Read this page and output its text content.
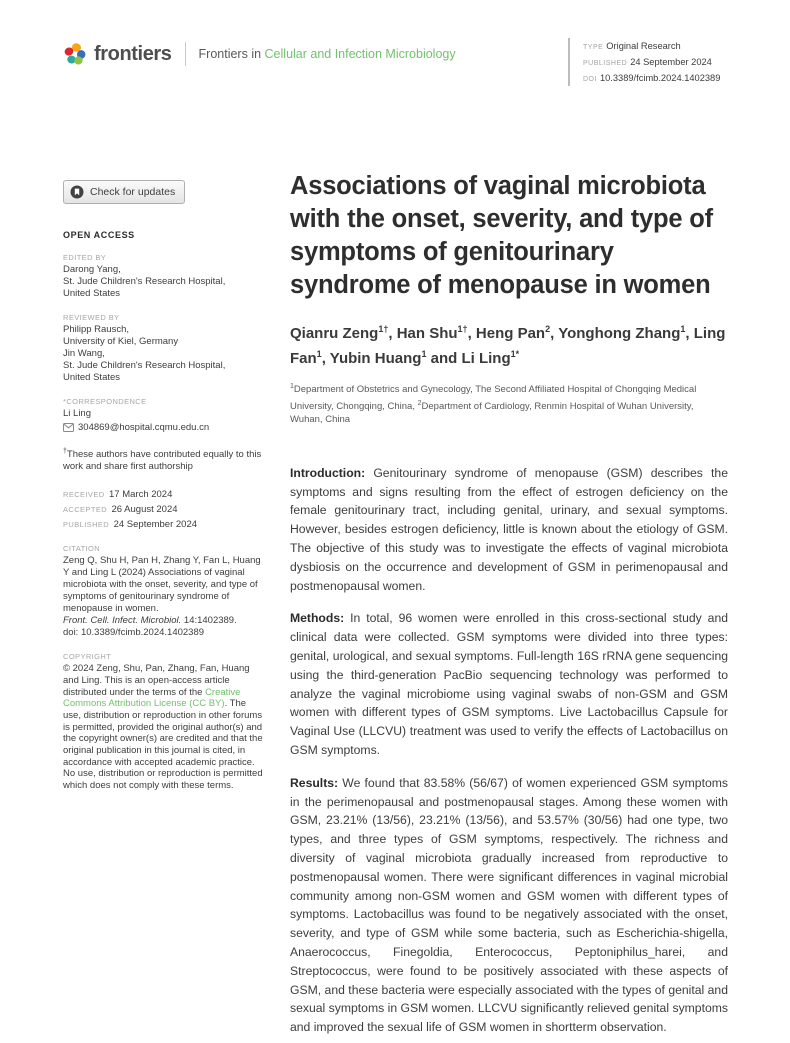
frontiers Frontiers in Cellular and Infection Microbiology	TYPE Original Research
PUBLISHED 24 September 2024
DOI 10.3389/fcimb.2024.1402389
Check for updates
OPEN ACCESS
EDITED BY
Darong Yang,
St. Jude Children's Research Hospital,
United States
REVIEWED BY
Philipp Rausch,
University of Kiel, Germany
Jin Wang,
St. Jude Children's Research Hospital,
United States
*CORRESPONDENCE
Li Ling
304869@hospital.cqmu.edu.cn
†These authors have contributed equally to this work and share first authorship
RECEIVED 17 March 2024
ACCEPTED 26 August 2024
PUBLISHED 24 September 2024
CITATION
Zeng Q, Shu H, Pan H, Zhang Y, Fan L, Huang Y and Ling L (2024) Associations of vaginal microbiota with the onset, severity, and type of symptoms of genitourinary syndrome of menopause in women.
Front. Cell. Infect. Microbiol. 14:1402389.
doi: 10.3389/fcimb.2024.1402389
COPYRIGHT
© 2024 Zeng, Shu, Pan, Zhang, Fan, Huang and Ling. This is an open-access article distributed under the terms of the Creative Commons Attribution License (CC BY). The use, distribution or reproduction in other forums is permitted, provided the original author(s) and the copyright owner(s) are credited and that the original publication in this journal is cited, in accordance with accepted academic practice. No use, distribution or reproduction is permitted which does not comply with these terms.
Associations of vaginal microbiota with the onset, severity, and type of symptoms of genitourinary syndrome of menopause in women
Qianru Zeng$^{1\dagger}$, Han Shu$^{1\dagger}$, Heng Pan$^2$, Yonghong Zhang$^1$, Ling Fan$^1$, Yubin Huang$^1$ and Li Ling$^{1*}$
$^1$Department of Obstetrics and Gynecology, The Second Affiliated Hospital of Chongqing Medical University, Chongqing, China, $^2$Department of Cardiology, Renmin Hospital of Wuhan University, Wuhan, China

Introduction: Genitourinary syndrome of menopause (GSM) describes the symptoms and signs resulting from the effect of estrogen deficiency on the female genitourinary tract, including genital, urinary, and sexual symptoms. However, besides estrogen deficiency, little is known about the etiology of GSM. The objective of this study was to investigate the effects of vaginal microbiota dysbiosis on the occurrence and development of GSM in perimenopausal and postmenopausal women.

Methods: In total, 96 women were enrolled in this cross-sectional study and clinical data were collected. GSM symptoms were divided into three types: genital, urological, and sexual symptoms. Full-length 16S rRNA gene sequencing using the third-generation PacBio sequencing technology was performed to analyze the vaginal microbiome using vaginal swabs of non-GSM and GSM women with different types of GSM symptoms. Live Lactobacillus Capsule for Vaginal Use (LLCVU) treatment was used to verify the effects of Lactobacillus on GSM symptoms.

Results: We found that 83.58% (56/67) of women experienced GSM symptoms in the perimenopausal and postmenopausal stages. Among these women with GSM, 23.21% (13/56), 23.21% (13/56), and 53.57% (30/56) had one type, two types, and three types of GSM symptoms, respectively. The richness and diversity of vaginal microbiota gradually increased from reproductive to postmenopausal women. There were significant differences in vaginal microbial community among non-GSM women and GSM women with different types of symptoms. Lactobacillus was found to be negatively associated with the onset, severity, and type of GSM while some bacteria, such as Escherichia-shigella, Anaerococcus, Finegoldia, Enterococcus, Peptoniphilus_harei, and Streptococcus, were found to be positively associated with these aspects of GSM, and these bacteria were especially associated with the types of genital and sexual symptoms in GSM women. LLCVU significantly relieved genital symptoms and improved the sexual life of GSM women in shortterm observation.
